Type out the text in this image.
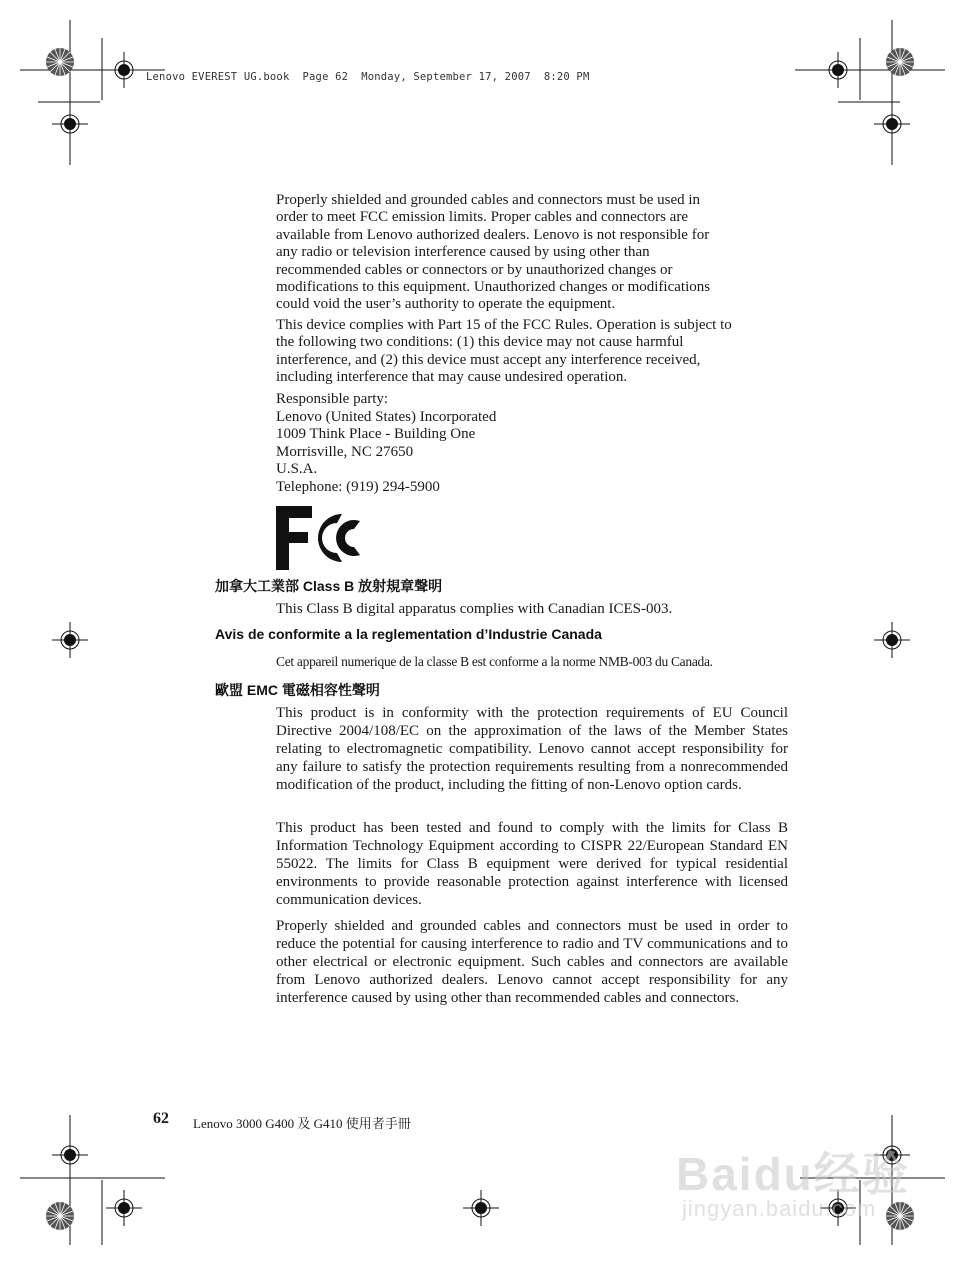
Lenovo EVEREST UG.book  Page 62  Monday, September 17, 2007  8:20 PM

Properly shielded and grounded cables and connectors must be used in
order to meet FCC emission limits. Proper cables and connectors are
available from Lenovo authorized dealers. Lenovo is not responsible for
any radio or television interference caused by using other than
recommended cables or connectors or by unauthorized changes or
modifications to this equipment. Unauthorized changes or modifications
could void the user’s authority to operate the equipment.

This device complies with Part 15 of the FCC Rules. Operation is subject to
the following two conditions: (1) this device may not cause harmful
interference, and (2) this device must accept any interference received,
including interference that may cause undesired operation.

Responsible party:
Lenovo (United States) Incorporated
1009 Think Place - Building One
Morrisville, NC 27650
U.S.A.
Telephone: (919) 294-5900

加拿大工業部 Class B 放射規章聲明

This Class B digital apparatus complies with Canadian ICES-003.

Avis de conformite a la reglementation d’Industrie Canada

Cet appareil numerique de la classe B est conforme a la norme NMB-003 du Canada.

歐盟 EMC 電磁相容性聲明

This product is in conformity with the protection requirements of EU Council Directive 2004/108/EC on the approximation of the laws of the Member States relating to electromagnetic compatibility. Lenovo cannot accept responsibility for any failure to satisfy the protection requirements resulting from a nonrecommended modification of the product, including the fitting of non-Lenovo option cards.

This product has been tested and found to comply with the limits for Class B Information Technology Equipment according to CISPR 22/European Standard EN 55022. The limits for Class B equipment were derived for typical residential environments to provide reasonable protection against interference with licensed communication devices.

Properly shielded and grounded cables and connectors must be used in order to reduce the potential for causing interference to radio and TV communications and to other electrical or electronic equipment. Such cables and connectors are available from Lenovo authorized dealers. Lenovo cannot accept responsibility for any interference caused by using other than recommended cables and connectors.

62 Lenovo 3000 G400 及 G410 使用者手冊
Baidu经验
jingyan.baidu.com
